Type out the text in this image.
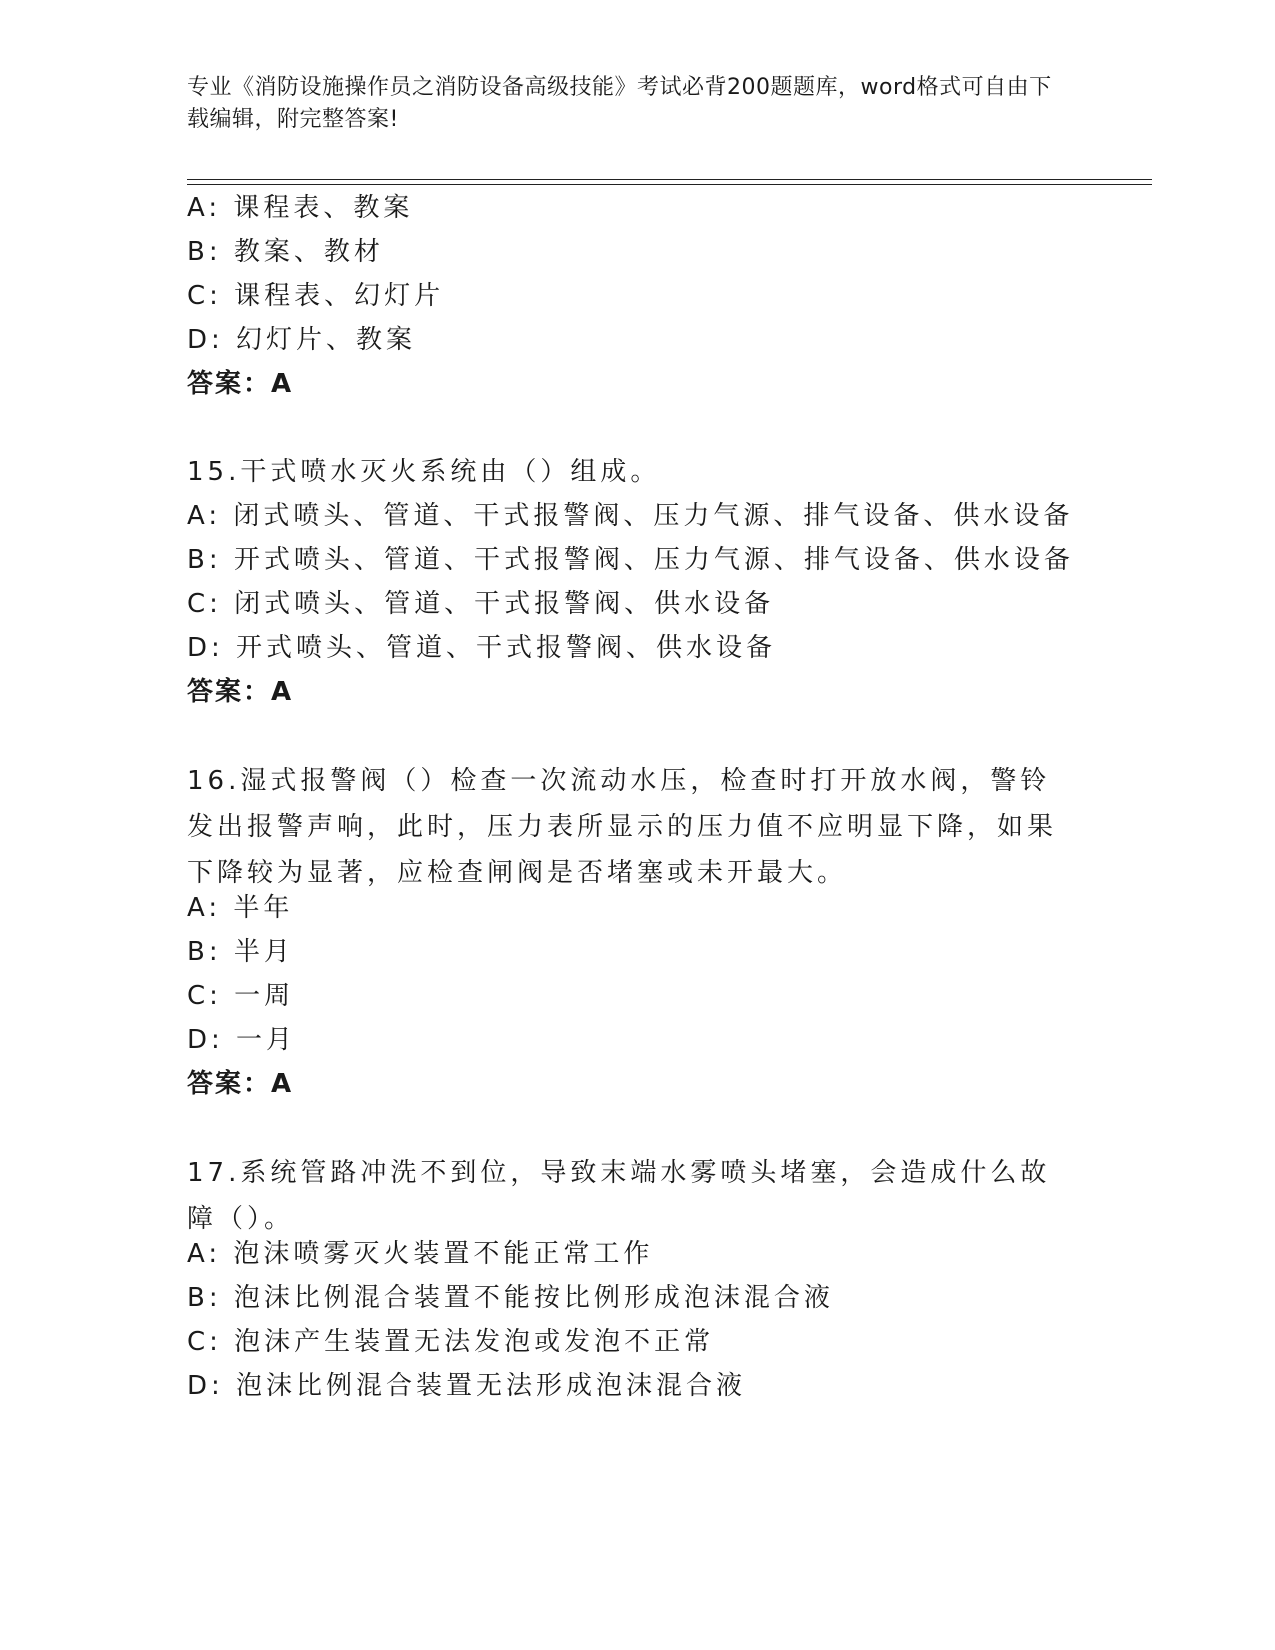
专业《消防设施操作员之消防设备高级技能》考试必背200题题库，word格式可自由下载编辑，附完整答案!
A: 课程表、教案
B: 教案、教材
C: 课程表、幻灯片
D: 幻灯片、教案
答案：A
15.干式喷水灭火系统由（）组成。
A: 闭式喷头、管道、干式报警阀、压力气源、排气设备、供水设备
B: 开式喷头、管道、干式报警阀、压力气源、排气设备、供水设备
C: 闭式喷头、管道、干式报警阀、供水设备
D: 开式喷头、管道、干式报警阀、供水设备
答案：A
16.湿式报警阀（）检查一次流动水压，检查时打开放水阀，警铃发出报警声响，此时，压力表所显示的压力值不应明显下降，如果下降较为显著，应检查闸阀是否堵塞或未开最大。
A: 半年
B: 半月
C: 一周
D: 一月
答案：A
17.系统管路冲洗不到位，导致末端水雾喷头堵塞，会造成什么故障（）。
A: 泡沫喷雾灭火装置不能正常工作
B: 泡沫比例混合装置不能按比例形成泡沫混合液
C: 泡沫产生装置无法发泡或发泡不正常
D: 泡沫比例混合装置无法形成泡沫混合液
